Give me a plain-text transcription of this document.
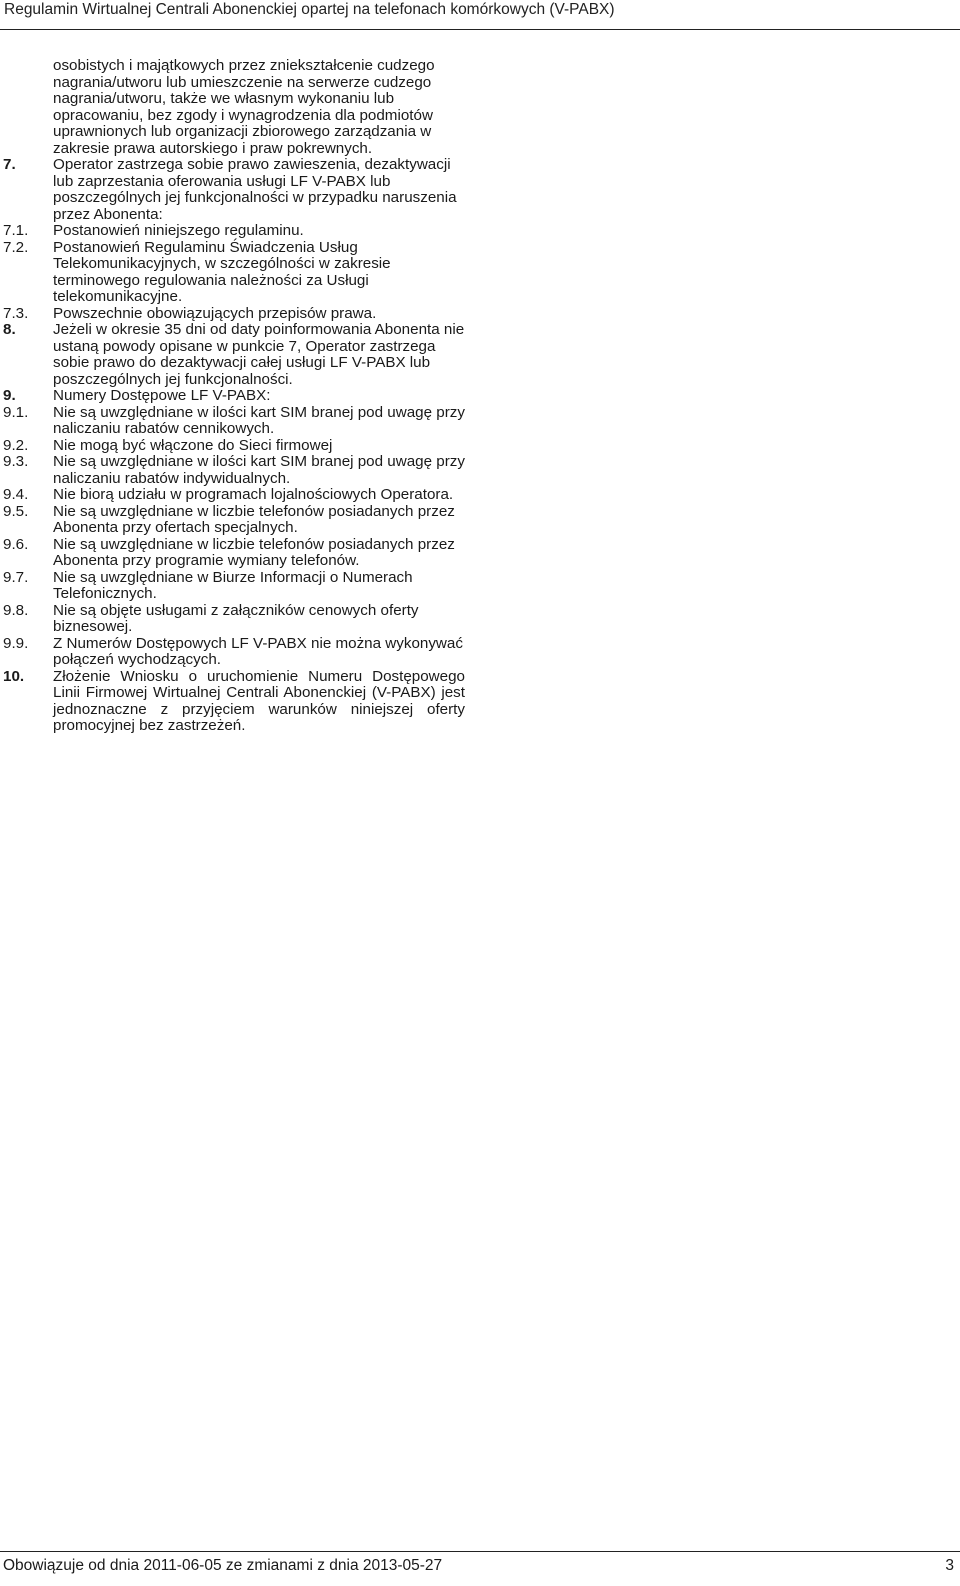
Regulamin Wirtualnej Centrali Abonenckiej opartej na telefonach komórkowych (V-PABX)
osobistych i majątkowych przez zniekształcenie cudzego nagrania/utworu lub umieszczenie na serwerze cudzego nagrania/utworu, także we własnym wykonaniu lub opracowaniu, bez zgody i wynagrodzenia dla podmiotów uprawnionych lub organizacji zbiorowego zarządzania w zakresie prawa autorskiego i praw pokrewnych.
7.	Operator zastrzega sobie prawo zawieszenia, dezaktywacji lub zaprzestania oferowania usługi LF V-PABX lub poszczególnych jej funkcjonalności w przypadku naruszenia przez Abonenta:
7.1.	Postanowień niniejszego regulaminu.
7.2.	Postanowień Regulaminu Świadczenia Usług Telekomunikacyjnych, w szczególności w zakresie terminowego regulowania należności za Usługi telekomunikacyjne.
7.3.	Powszechnie obowiązujących przepisów prawa.
8.	Jeżeli w okresie 35 dni od daty poinformowania Abonenta nie ustaną powody opisane w punkcie 7, Operator zastrzega sobie prawo do dezaktywacji całej usługi LF V-PABX lub poszczególnych jej funkcjonalności.
9.	Numery Dostępowe LF V-PABX:
9.1.	Nie są uwzględniane w ilości kart SIM branej pod uwagę przy naliczaniu rabatów cennikowych.
9.2.	Nie mogą być włączone do Sieci firmowej
9.3.	Nie są uwzględniane w ilości kart SIM branej pod uwagę przy naliczaniu rabatów indywidualnych.
9.4.	Nie biorą udziału w programach lojalnościowych Operatora.
9.5.	Nie są uwzględniane w liczbie telefonów posiadanych przez Abonenta przy ofertach specjalnych.
9.6.	Nie są uwzględniane w liczbie telefonów posiadanych przez Abonenta przy programie wymiany telefonów.
9.7.	Nie są uwzględniane w Biurze Informacji o Numerach Telefonicznych.
9.8.	Nie są objęte usługami z załączników cenowych oferty biznesowej.
9.9.	Z Numerów Dostępowych LF V-PABX nie można wykonywać połączeń wychodzących.
10.	Złożenie Wniosku o uruchomienie Numeru Dostępowego Linii Firmowej Wirtualnej Centrali Abonenckiej (V-PABX) jest jednoznaczne z przyjęciem warunków niniejszej oferty promocyjnej bez zastrzeżeń.
Obowiązuje od dnia 2011-06-05 ze zmianami z dnia 2013-05-27	3
